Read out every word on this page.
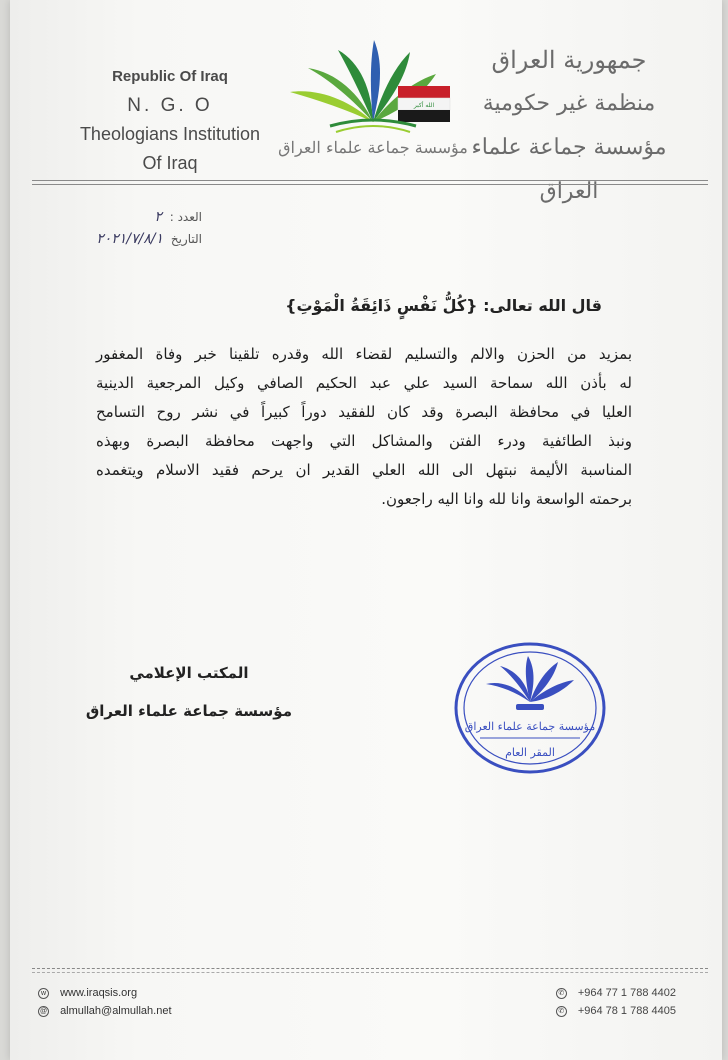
Republic Of Iraq
N. G. O
Theologians Institution
Of Iraq
الله أكبر
مؤسسة جماعة علماء العراق
جمهورية العراق
منظمة غير حكومية
مؤسسة جماعة علماء العراق
العدد : ٢
التاريخ ٢٠٢١/٧/٨/١
قال الله تعالى: {كُلُّ نَفْسٍ ذَائِقَةُ الْمَوْتِ}
بمزيد من الحزن والالم والتسليم لقضاء الله وقدره تلقينا خبر وفاة المغفور
له بأذن الله سماحة السيد علي عبد الحكيم الصافي وكيل المرجعية الدينية
العليا في محافظة البصرة وقد كان للفقيد دوراً كبيراً في نشر روح التسامح
ونبذ الطائفية ودرء الفتن والمشاكل التي واجهت محافظة البصرة وبهذه
المناسبة الأليمة نبتهل الى الله العلي القدير ان يرحم فقيد الاسلام ويتغمده
برحمته الواسعة وانا لله وانا اليه راجعون.
المكتب الإعلامي
مؤسسة جماعة علماء العراق
مؤسسة جماعة علماء العراق
المقر العام
w www.iraqsis.org
@ almullah@almullah.net
✆ +964 77 1 788 4402
✆ +964 78 1 788 4405
